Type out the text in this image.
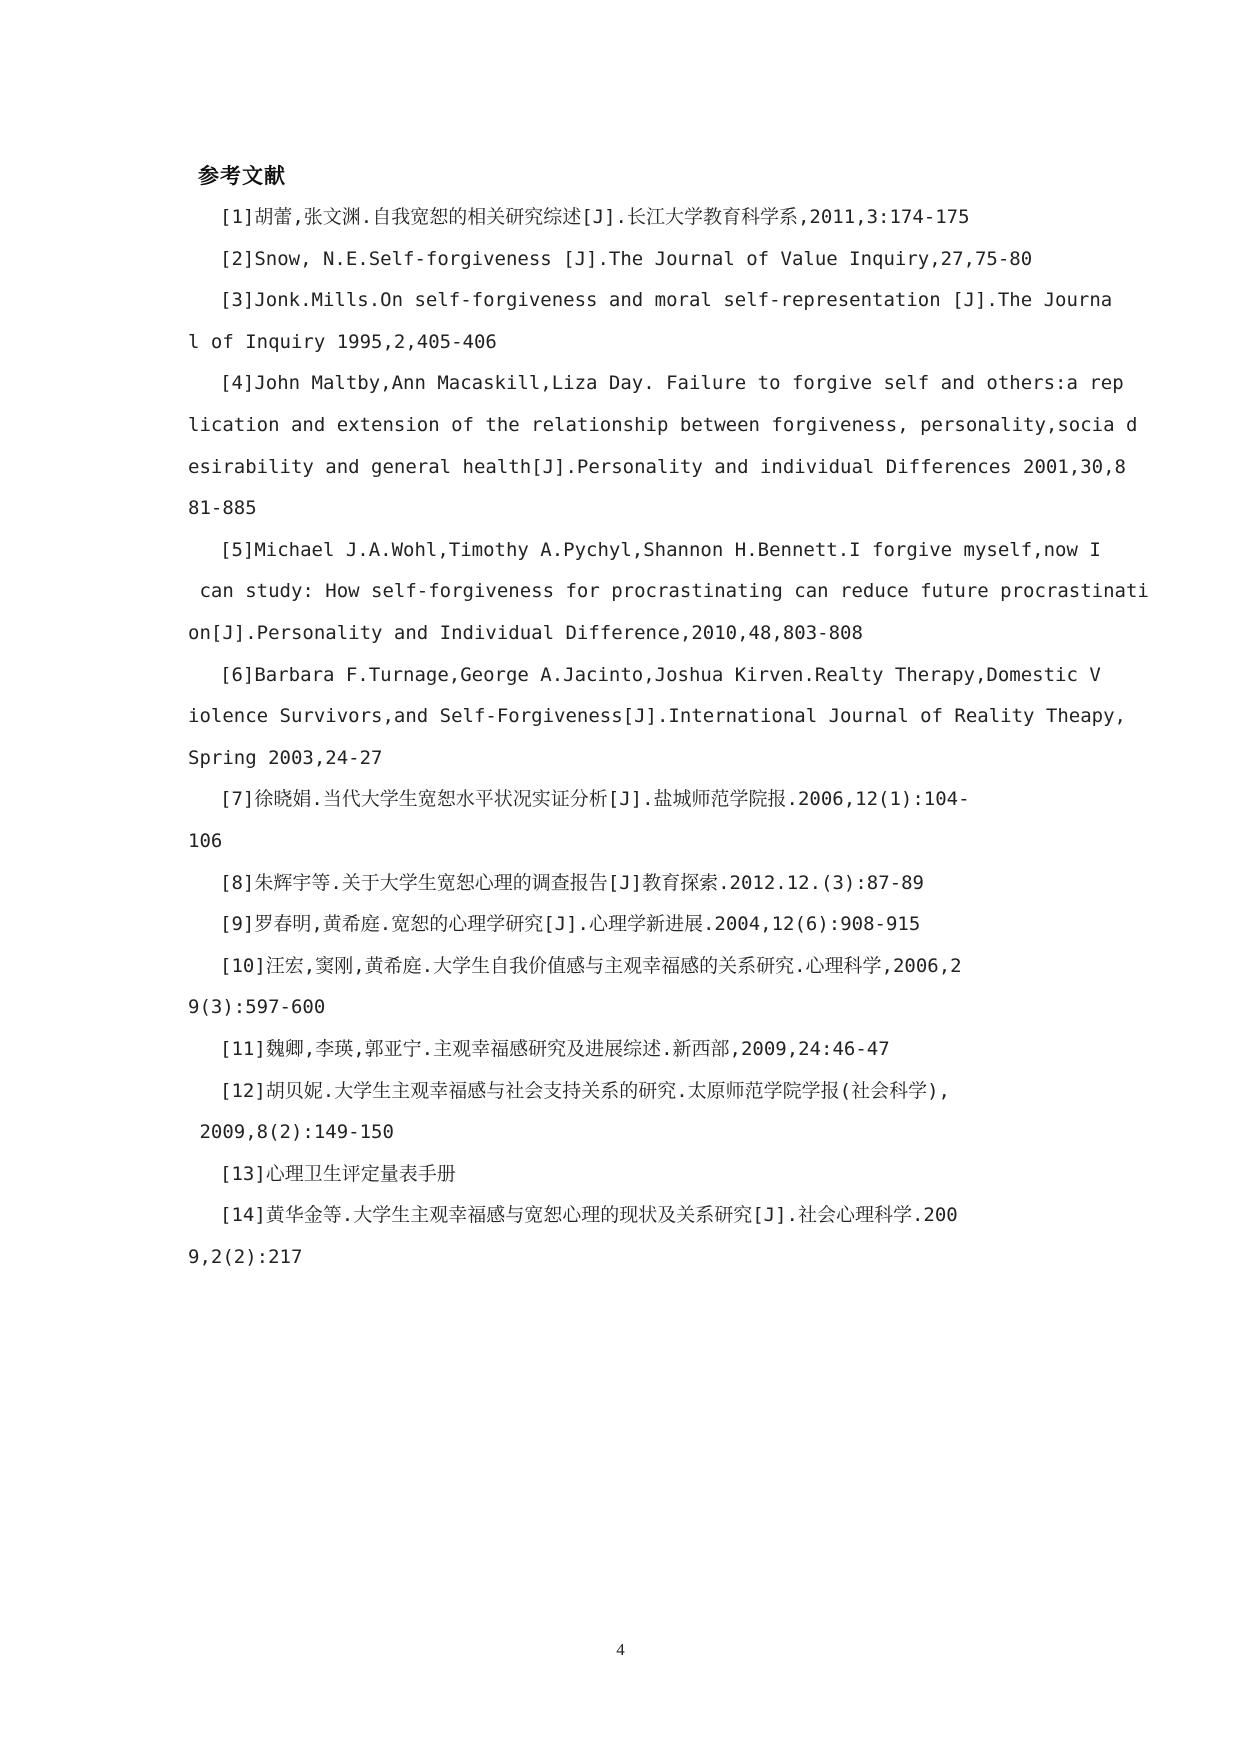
参考文献
[1]胡蕾,张文渊.自我宽恕的相关研究综述[J].长江大学教育科学系,2011,3:174-175
[2]Snow, N.E.Self-forgiveness [J].The Journal of Value Inquiry,27,75-80
[3]Jonk.Mills.On self-forgiveness and moral self-representation [J].The Journa
l of Inquiry 1995,2,405-406
[4]John Maltby,Ann Macaskill,Liza Day. Failure to forgive self and others:a rep
lication and extension of the relationship between forgiveness, personality,socia d
esirability and general health[J].Personality and individual Differences 2001,30,8
81-885
[5]Michael J.A.Wohl,Timothy A.Pychyl,Shannon H.Bennett.I forgive myself,now I
can study: How self-forgiveness for procrastinating can reduce future procrastinati
on[J].Personality and Individual Difference,2010,48,803-808
[6]Barbara F.Turnage,George A.Jacinto,Joshua Kirven.Realty Therapy,Domestic V
iolence Survivors,and Self-Forgiveness[J].International Journal of Reality Theapy,
Spring 2003,24-27
[7]徐晓娟.当代大学生宽恕水平状况实证分析[J].盐城师范学院报.2006,12(1):104-
106
[8]朱辉宇等.关于大学生宽恕心理的调查报告[J]教育探索.2012.12.(3):87-89
[9]罗春明,黄希庭.宽恕的心理学研究[J].心理学新进展.2004,12(6):908-915
[10]汪宏,窦刚,黄希庭.大学生自我价值感与主观幸福感的关系研究.心理科学,2006,2
9(3):597-600
[11]魏卿,李瑛,郭亚宁.主观幸福感研究及进展综述.新西部,2009,24:46-47
[12]胡贝妮.大学生主观幸福感与社会支持关系的研究.太原师范学院学报(社会科学),
2009,8(2):149-150
[13]心理卫生评定量表手册
[14]黄华金等.大学生主观幸福感与宽恕心理的现状及关系研究[J].社会心理科学.200
9,2(2):217
4
